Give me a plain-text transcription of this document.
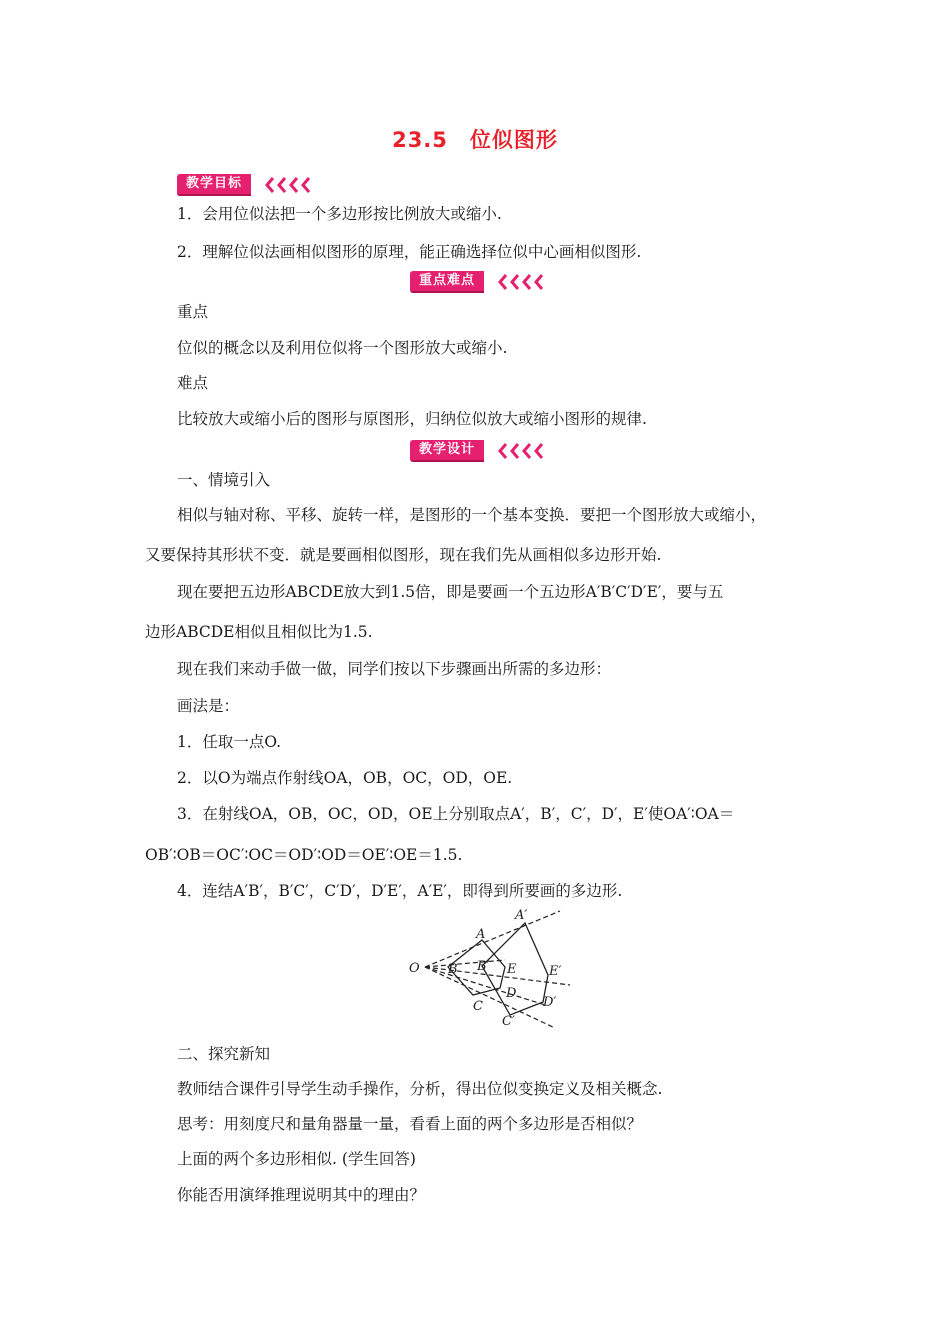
23.5 位似图形
教学目标
1．会用位似法把一个多边形按比例放大或缩小.
2．理解位似法画相似图形的原理，能正确选择位似中心画相似图形.
重点难点
重点
位似的概念以及利用位似将一个图形放大或缩小.
难点
比较放大或缩小后的图形与原图形，归纳位似放大或缩小图形的规律.
教学设计
一、情境引入
相似与轴对称、平移、旋转一样，是图形的一个基本变换．要把一个图形放大或缩小，
又要保持其形状不变．就是要画相似图形，现在我们先从画相似多边形开始.
现在要把五边形ABCDE放大到1.5倍，即是要画一个五边形A′B′C′D′E′，要与五
边形ABCDE相似且相似比为1.5.
现在我们来动手做一做，同学们按以下步骤画出所需的多边形：
画法是：
1．任取一点O.
2．以O为端点作射线OA，OB，OC，OD，OE.
3．在射线OA，OB，OC，OD，OE上分别取点A′，B′，C′，D′，E′使OA′∶OA＝
OB′∶OB＝OC′∶OC＝OD′∶OD＝OE′∶OE＝1.5.
4．连结A′B′，B′C′，C′D′，D′E′，A′E′，即得到所要画的多边形.
O
A
B
C
D
E
A′
B′
C′
D′
E′
二、探究新知
教师结合课件引导学生动手操作，分析，得出位似变换定义及相关概念.
思考：用刻度尺和量角器量一量，看看上面的两个多边形是否相似？
上面的两个多边形相似. (学生回答)
你能否用演绎推理说明其中的理由？
